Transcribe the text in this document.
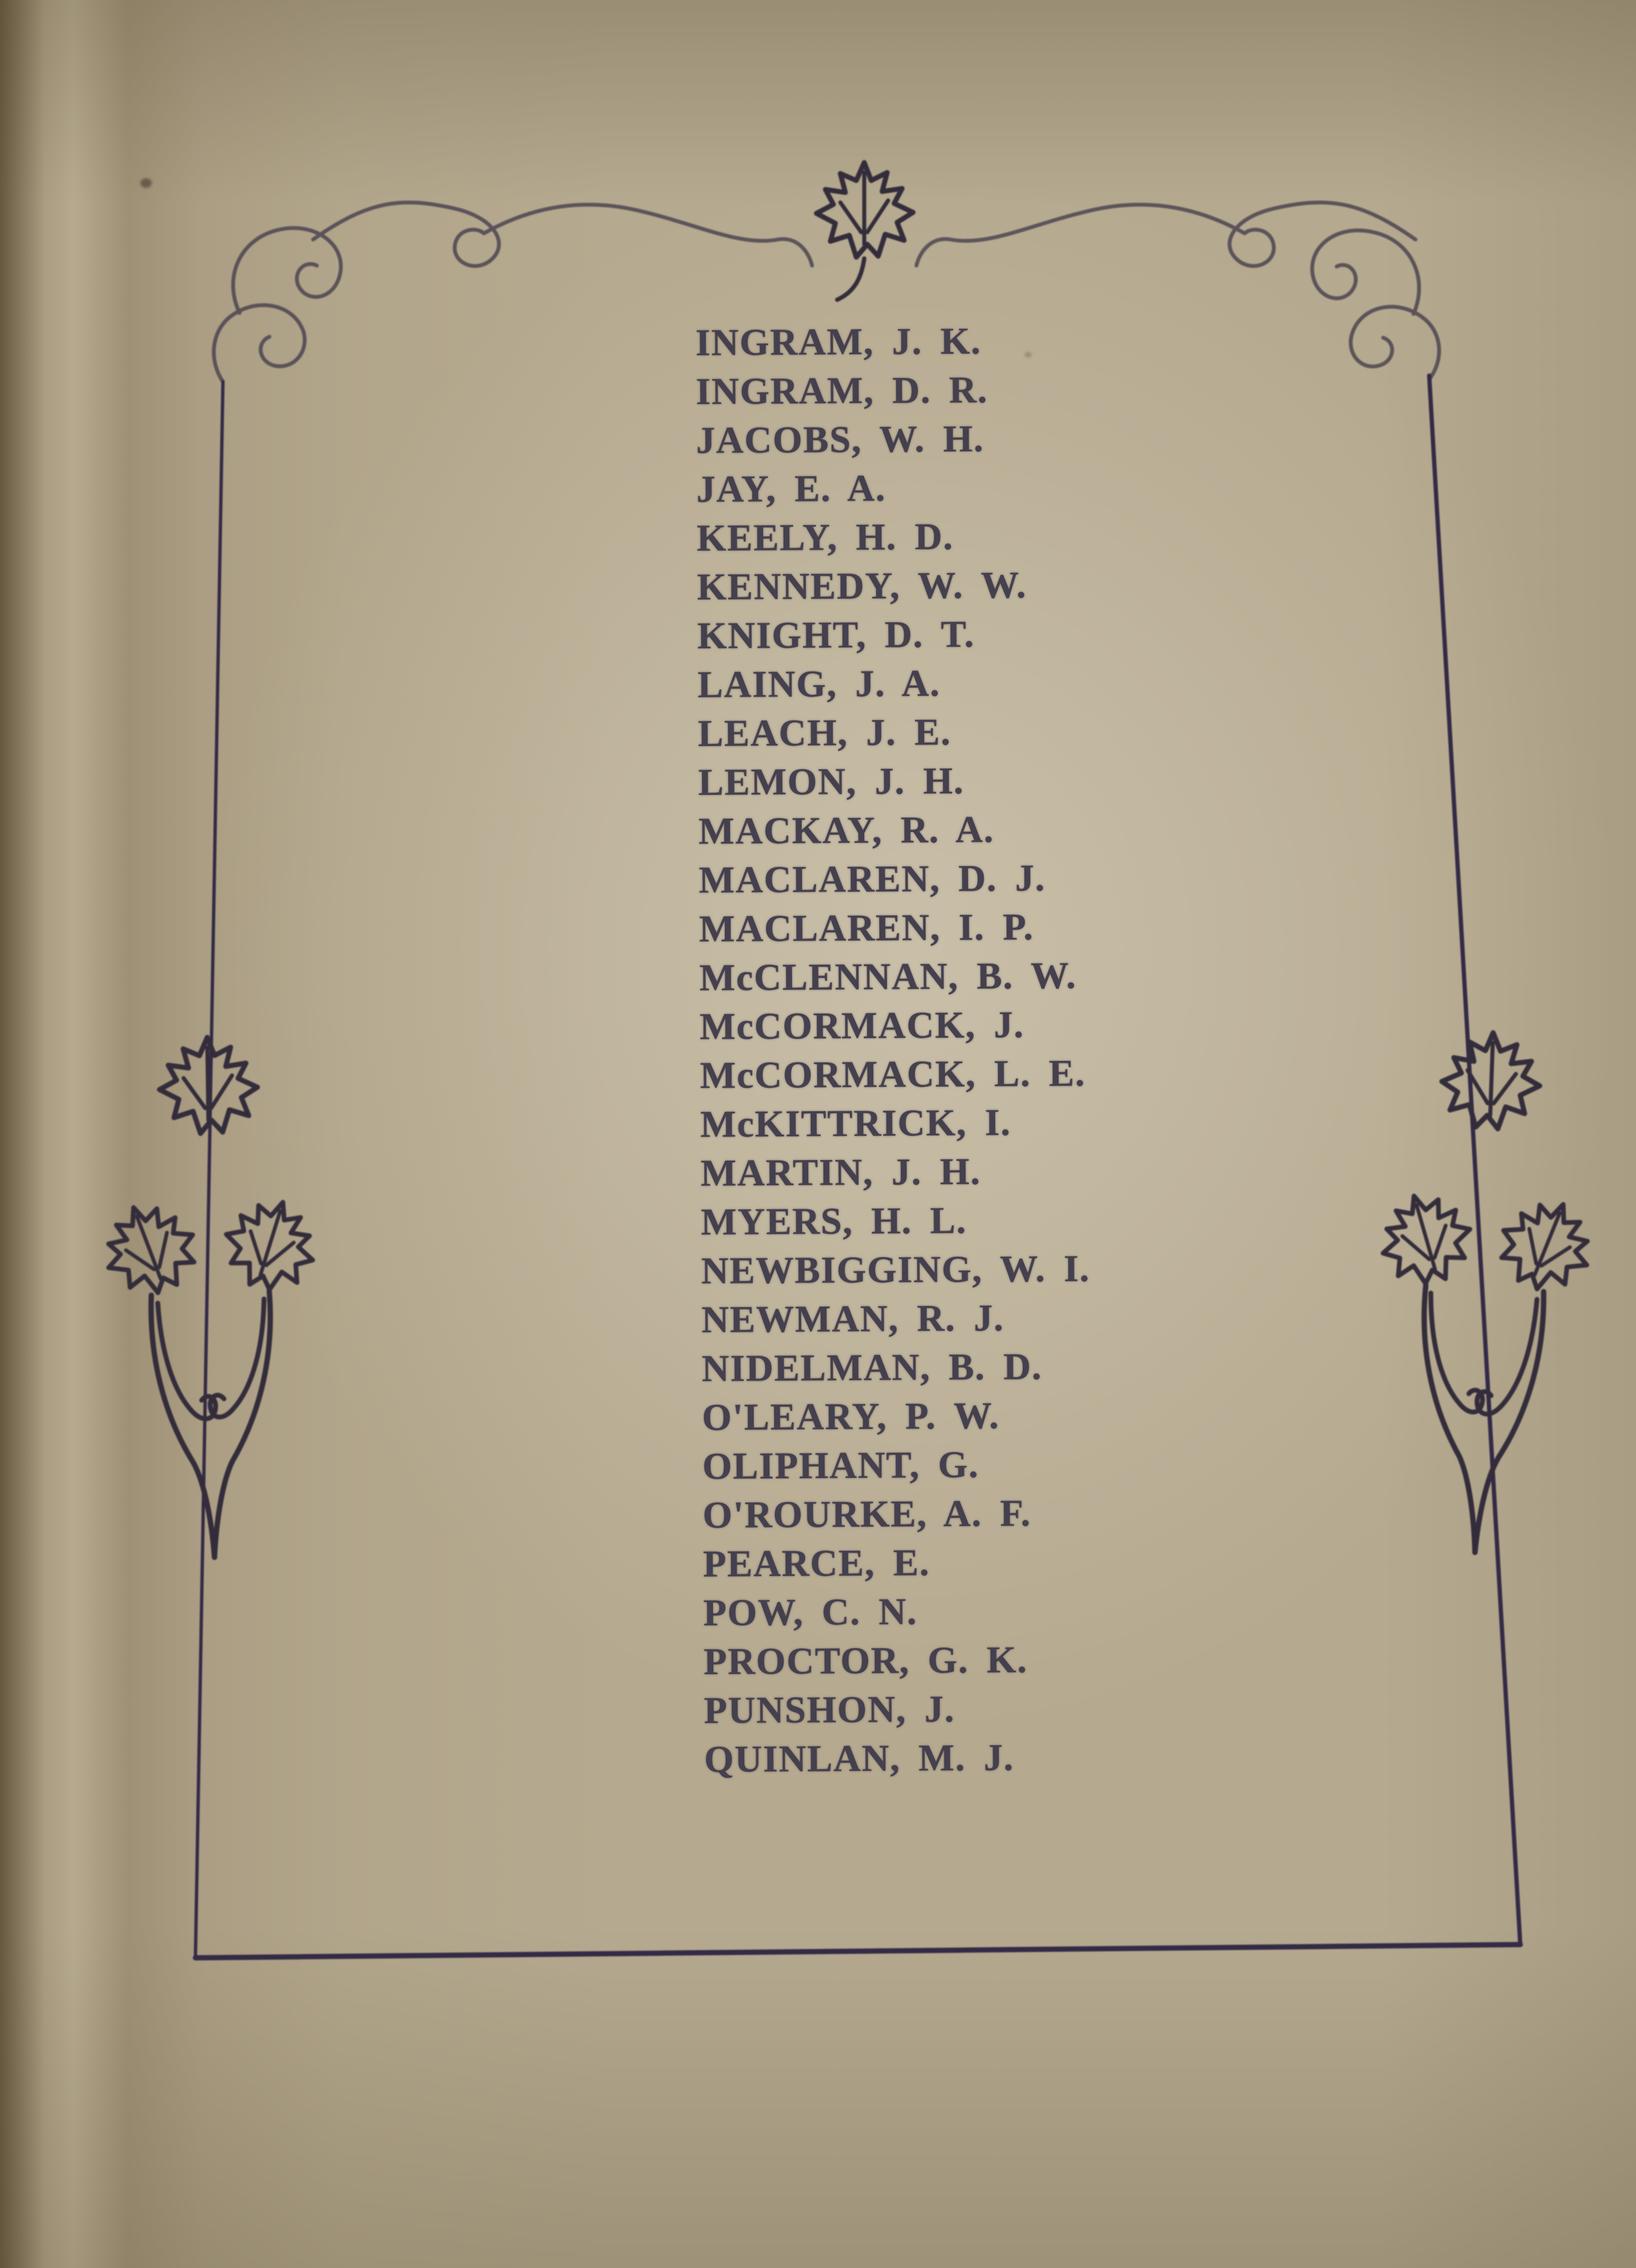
INGRAM, J. K.
INGRAM, D. R.
JACOBS, W. H.
JAY, E. A.
KEELY, H. D.
KENNEDY, W. W.
KNIGHT, D. T.
LAING, J. A.
LEACH, J. E.
LEMON, J. H.
MACKAY, R. A.
MACLAREN, D. J.
MACLAREN, I. P.
McCLENNAN, B. W.
McCORMACK, J.
McCORMACK, L. E.
McKITTRICK, I.
MARTIN, J. H.
MYERS, H. L.
NEWBIGGING, W. I.
NEWMAN, R. J.
NIDELMAN, B. D.
O'LEARY, P. W.
OLIPHANT, G.
O'ROURKE, A. F.
PEARCE, E.
POW, C. N.
PROCTOR, G. K.
PUNSHON, J.
QUINLAN, M. J.
